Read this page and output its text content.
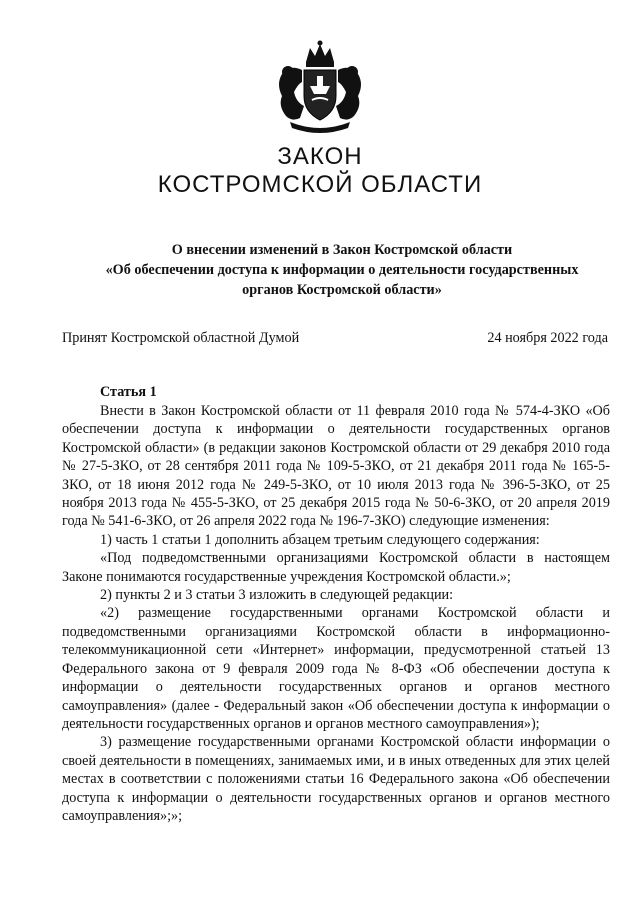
ЗАКОН
КОСТРОМСКОЙ ОБЛАСТИ
О внесении изменений в Закон Костромской области
«Об обеспечении доступа к информации о деятельности государственных
органов Костромской области»
Принят Костромской областной Думой	24 ноября 2022 года
Статья 1

Внести в Закон Костромской области от 11 февраля 2010 года № 574-4-ЗКО «Об обеспечении доступа к информации о деятельности государственных органов Костромской области» (в редакции законов Костромской области от 29 декабря 2010 года № 27-5-ЗКО, от 28 сентября 2011 года № 109-5-ЗКО, от 21 декабря 2011 года № 165-5-ЗКО, от 18 июня 2012 года № 249-5-ЗКО, от 10 июля 2013 года № 396-5-ЗКО, от 25 ноября 2013 года № 455-5-ЗКО, от 25 декабря 2015 года № 50-6-ЗКО, от 20 апреля 2019 года № 541-6-ЗКО, от 26 апреля 2022 года № 196-7-ЗКО) следующие изменения:

1) часть 1 статьи 1 дополнить абзацем третьим следующего содержания:

«Под подведомственными организациями Костромской области в настоящем Законе понимаются государственные учреждения Костромской области.»;

2) пункты 2 и 3 статьи 3 изложить в следующей редакции:

«2) размещение государственными органами Костромской области и подведомственными организациями Костромской области в информационно-телекоммуникационной сети «Интернет» информации, предусмотренной статьей 13 Федерального закона от 9 февраля 2009 года № 8-ФЗ «Об обеспечении доступа к информации о деятельности государственных органов и органов местного самоуправления» (далее - Федеральный закон «Об обеспечении доступа к информации о деятельности государственных органов и органов местного самоуправления»);

3) размещение государственными органами Костромской области информации о своей деятельности в помещениях, занимаемых ими, и в иных отведенных для этих целей местах в соответствии с положениями статьи 16 Федерального закона «Об обеспечении доступа к информации о деятельности государственных органов и органов местного самоуправления»;»;
